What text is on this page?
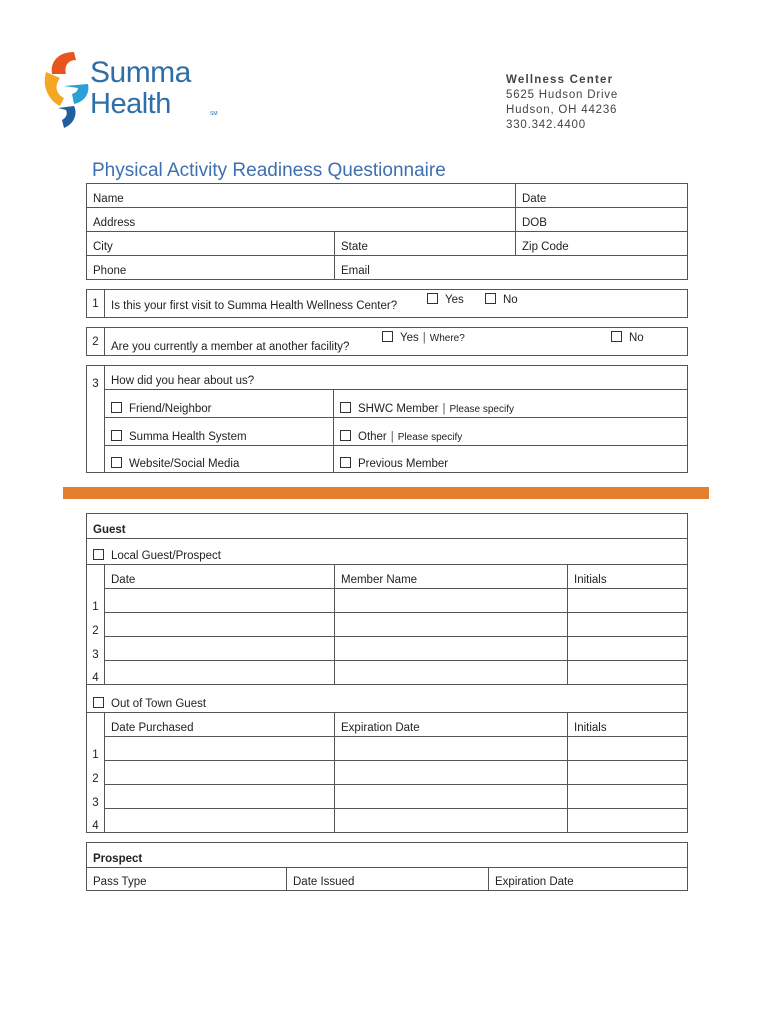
Summa
Health	SM
Wellness Center
5625 Hudson Drive
Hudson, OH 44236
330.342.4400
Physical Activity Readiness Questionnaire
Name		Date
Address		DOB
City	State	Zip Code
Phone	Email	
1	Is this your first visit to Summa Health Wellness Center?	Yes	No
2	Are you currently a member at another facility?
Yes | Where?	No
3	How did you hear about us?	
	Friend/Neighbor	SHWC Member | Please specify
	Summa Health System	Other | Please specify
	Website/Social Media	Previous Member
Guest			
Local Guest/Prospect			
	Date	Member Name	Initials
1			
2			
3			
4			
Out of Town Guest			
	Date Purchased	Expiration Date	Initials
1			
2			
3			
4			
Prospect
Pass Type	Date Issued	Expiration Date
